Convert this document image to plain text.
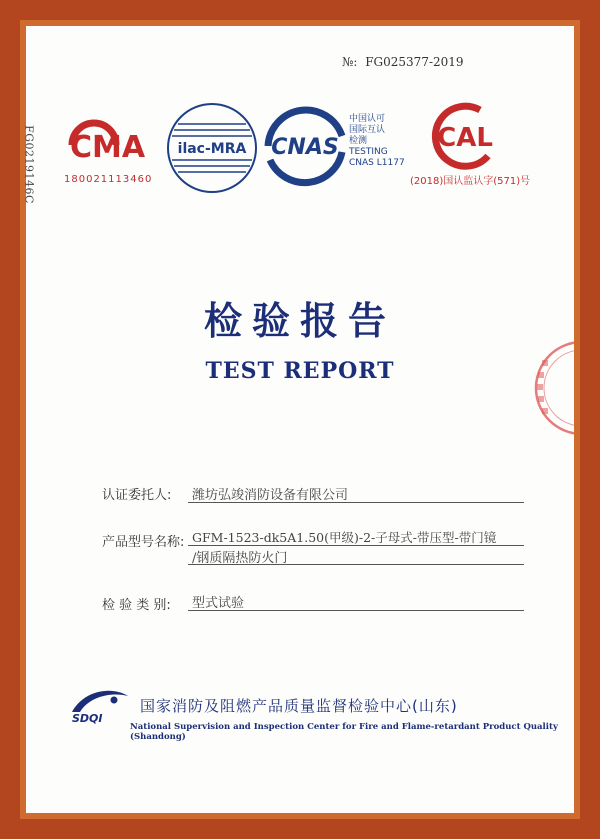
№: FG025377-2019
FG0219146C CMA
180021113460
ilac-MRA CNAS
中国认可
国际互认
检测
TESTING
CNAS L1177
CAL
(2018)国认监认字(571)号
检验报告
TEST REPORT
认证委托人: 潍坊弘竣消防设备有限公司
产品型号名称: GFM-1523-dk5A1.50(甲级)-2-子母式-带压型-带门镜
/钢质隔热防火门
检 验 类 别: 型式试验
SDQI
国家消防及阻燃产品质量监督检验中心(山东)
National Supervision and Inspection Center for Fire and Flame-retardant Product Quality (Shandong)
